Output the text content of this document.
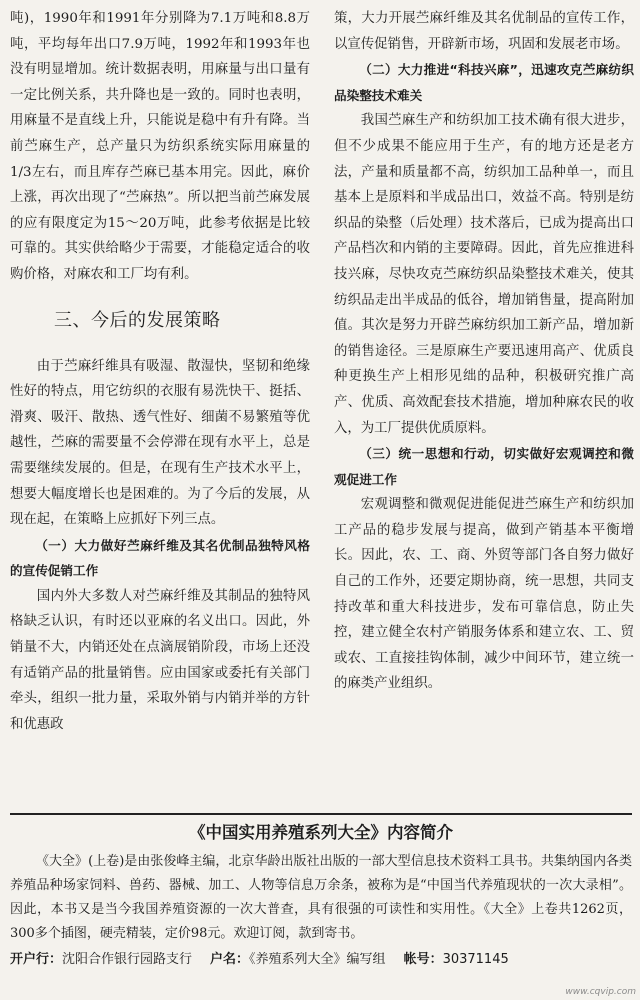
吨)，1990年和1991年分别降为7.1万吨和8.8万吨，平均每年出口7.9万吨，1992年和1993年也没有明显增加。统计数据表明，用麻量与出口量有一定比例关系，共升降也是一致的。同时也表明，用麻量不是直线上升，只能说是稳中有升有降。当前苎麻生产，总产量只为纺织系统实际用麻量的1/3左右，而且库存苎麻已基本用完。因此，麻价上涨，再次出现了“苎麻热”。所以把当前苎麻发展的应有限度定为15～20万吨，此参考依据是比较可靠的。其实供给略少于需要，才能稳定适合的收购价格，对麻农和工厂均有利。

三、今后的发展策略

由于苎麻纤维具有吸湿、散湿快，坚韧和绝缘性好的特点，用它纺织的衣服有易洗快干、挺括、滑爽、吸汗、散热、透气性好、细菌不易繁殖等优越性，苎麻的需要量不会停滞在现有水平上，总是需要继续发展的。但是，在现有生产技术水平上，想要大幅度增长也是困难的。为了今后的发展，从现在起，在策略上应抓好下列三点。

（一）大力做好苎麻纤维及其名优制品独特风格的宣传促销工作

国内外大多数人对苎麻纤维及其制品的独特风格缺乏认识，有时还以亚麻的名义出口。因此，外销量不大，内销还处在点滴展销阶段，市场上还没有适销产品的批量销售。应由国家或委托有关部门牵头，组织一批力量，采取外销与内销并举的方针和优惠政

策，大力开展苎麻纤维及其名优制品的宣传工作，以宣传促销售，开辟新市场，巩固和发展老市场。

（二）大力推进“科技兴麻”，迅速攻克苎麻纺织品染整技术难关

我国苎麻生产和纺织加工技术确有很大进步，但不少成果不能应用于生产，有的地方还是老方法，产量和质量都不高，纺织加工品种单一，而且基本上是原料和半成品出口，效益不高。特别是纺织品的染整（后处理）技术落后，已成为提高出口产品档次和内销的主要障碍。因此，首先应推进科技兴麻，尽快攻克苎麻纺织品染整技术难关，使其纺织品走出半成品的低谷，增加销售量，提高附加值。其次是努力开辟苎麻纺织加工新产品，增加新的销售途径。三是原麻生产要迅速用高产、优质良种更换生产上相形见绌的品种，积极研究推广高产、优质、高效配套技术措施，增加种麻农民的收入，为工厂提供优质原料。

（三）统一思想和行动，切实做好宏观调控和微观促进工作

宏观调整和微观促进能促进苎麻生产和纺织加工产品的稳步发展与提高，做到产销基本平衡增长。因此，农、工、商、外贸等部门各自努力做好自己的工作外，还要定期协商，统一思想，共同支持改革和重大科技进步，发布可靠信息，防止失控，建立健全农村产销服务体系和建立农、工、贸或农、工直接挂钩体制，减少中间环节，建立统一的麻类产业组织。

《中国实用养殖系列大全》内容简介

《大全》(上卷)是由张俊峰主编，北京华龄出版社出版的一部大型信息技术资料工具书。共集纳国内各类养殖品种场家饲料、兽药、器械、加工、人物等信息万余条，被称为是“中国当代养殖现状的一次大录相”。因此，本书又是当今我国养殖资源的一次大普查，具有很强的可读性和实用性。《大全》上卷共1262页，300多个插图，硬壳精装，定价98元。欢迎订阅，款到寄书。

开户行：沈阳合作银行园路支行 户名：《养殖系列大全》编写组 帐号：30371145

www.cqvip.com
